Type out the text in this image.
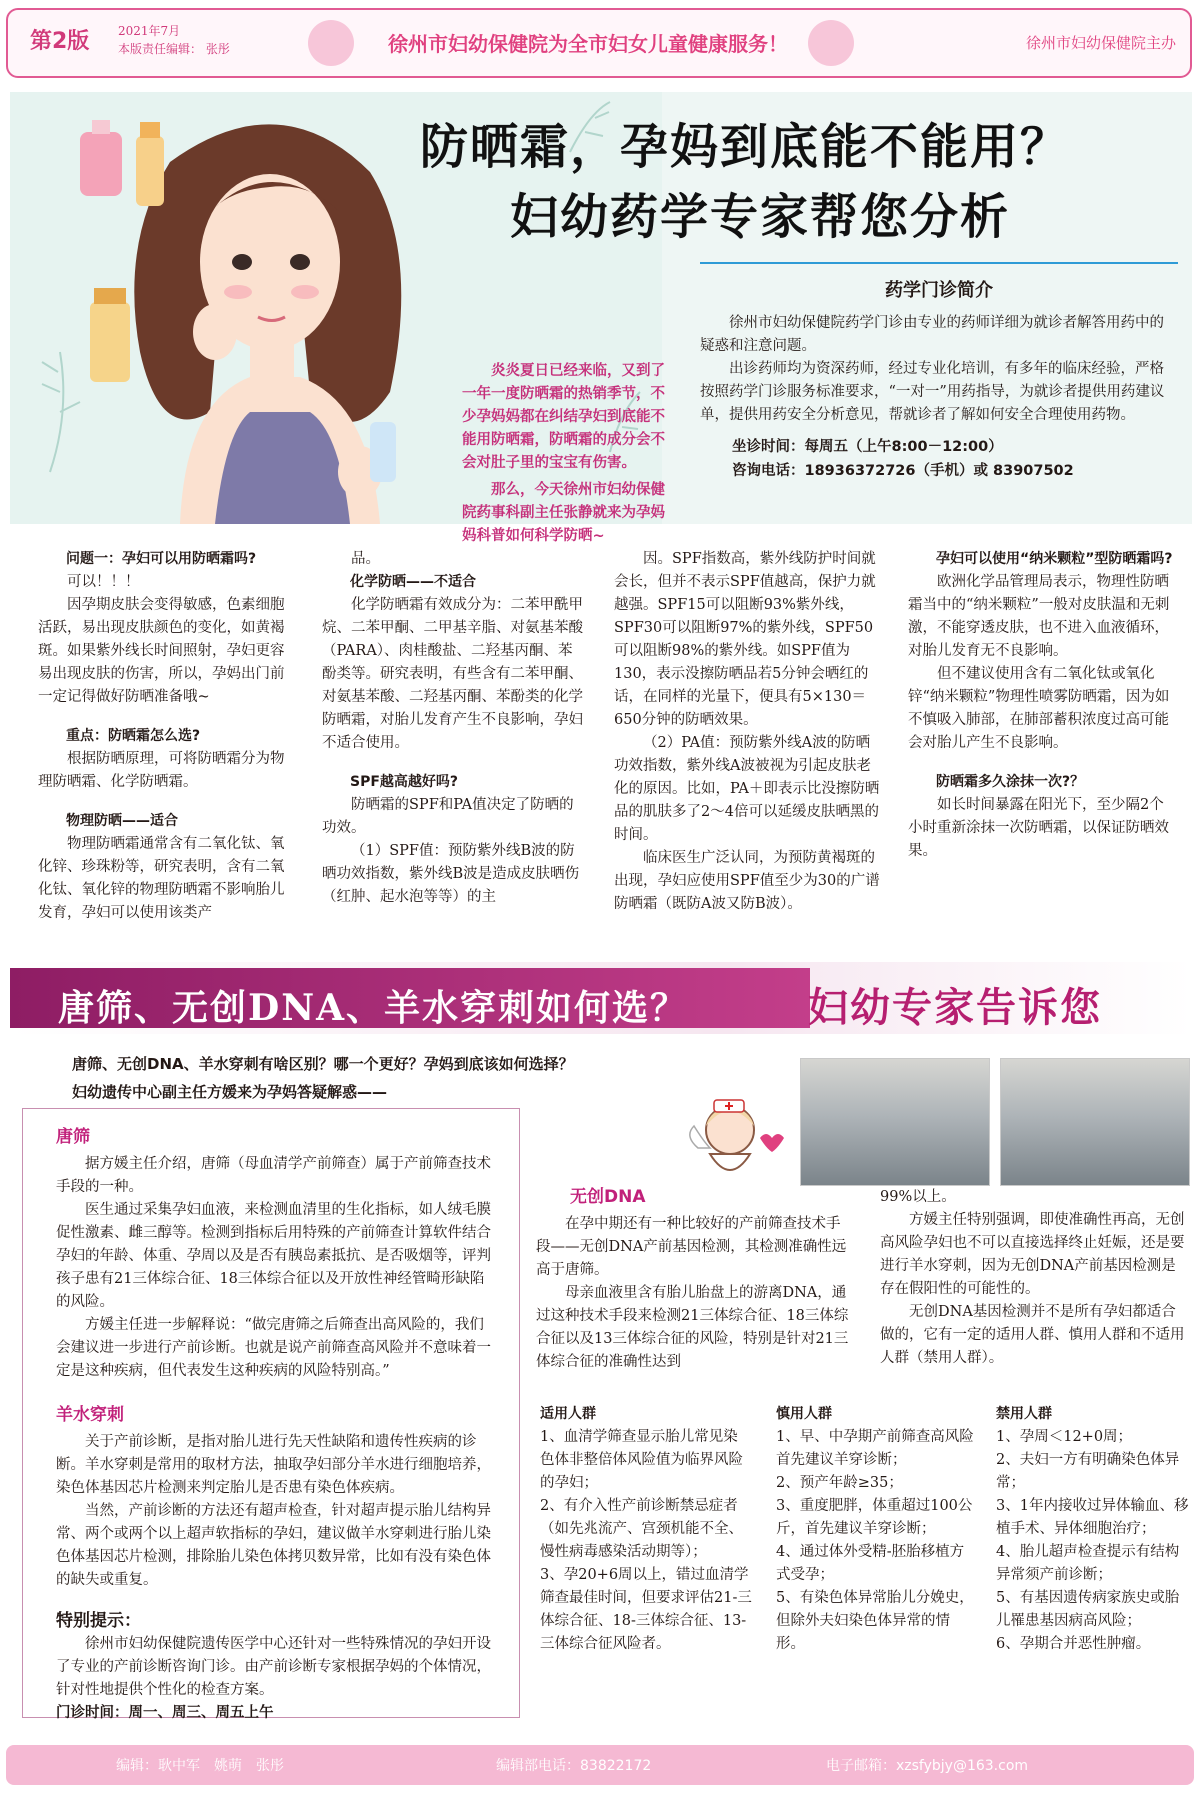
第2版 2021年7月
本版责任编辑： 张彤	徐州市妇幼保健院为全市妇女儿童健康服务！	徐州市妇幼保健院主办

炎炎夏日已经来临，又到了一年一度防晒霜的热销季节，不少孕妈妈都在纠结孕妇到底能不能用防晒霜，防晒霜的成分会不会对肚子里的宝宝有伤害。

那么，今天徐州市妇幼保健院药事科副主任张静就来为孕妈妈科普如何科学防晒~

防晒霜，孕妈到底能不能用？
妇幼药学专家帮您分析
药学门诊简介

徐州市妇幼保健院药学门诊由专业的药师详细为就诊者解答用药中的疑惑和注意问题。

出诊药师均为资深药师，经过专业化培训，有多年的临床经验，严格按照药学门诊服务标准要求，“一对一”用药指导，为就诊者提供用药建议单，提供用药安全分析意见，帮就诊者了解如何安全合理使用药物。

坐诊时间：每周五（上午8:00－12:00）
咨询电话：18936372726（手机）或 83907502
问题一：孕妇可以用防晒霜吗?

可以！！！

因孕期皮肤会变得敏感，色素细胞活跃，易出现皮肤颜色的变化，如黄褐斑。如果紫外线长时间照射，孕妇更容易出现皮肤的伤害，所以，孕妈出门前一定记得做好防晒准备哦~

重点：防晒霜怎么选?

根据防晒原理，可将防晒霜分为物理防晒霜、化学防晒霜。

物理防晒——适合

物理防晒霜通常含有二氧化钛、氧化锌、珍珠粉等，研究表明，含有二氧化钛、氧化锌的物理防晒霜不影响胎儿发育，孕妇可以使用该类产

品。

化学防晒——不适合

化学防晒霜有效成分为：二苯甲酰甲烷、二苯甲酮、二甲基辛脂、对氨基苯酸（PARA）、肉桂酸盐、二羟基丙酮、苯酚类等。研究表明，有些含有二苯甲酮、对氨基苯酸、二羟基丙酮、苯酚类的化学防晒霜，对胎儿发育产生不良影响，孕妇不适合使用。

SPF越高越好吗?

防晒霜的SPF和PA值决定了防晒的功效。

（1）SPF值：预防紫外线B波的防晒功效指数，紫外线B波是造成皮肤晒伤（红肿、起水泡等等）的主

因。SPF指数高，紫外线防护时间就会长，但并不表示SPF值越高，保护力就越强。SPF15可以阻断93%紫外线，SPF30可以阻断97%的紫外线，SPF50可以阻断98%的紫外线。如SPF值为130，表示没擦防晒品若5分钟会晒红的话，在同样的光量下，便具有5×130＝650分钟的防晒效果。

（2）PA值：预防紫外线A波的防晒功效指数，紫外线A波被视为引起皮肤老化的原因。比如，PA＋即表示比没擦防晒品的肌肤多了2～4倍可以延缓皮肤晒黑的时间。

临床医生广泛认同，为预防黄褐斑的出现，孕妇应使用SPF值至少为30的广谱防晒霜（既防A波又防B波）。

孕妇可以使用“纳米颗粒”型防晒霜吗?

欧洲化学品管理局表示，物理性防晒霜当中的“纳米颗粒”一般对皮肤温和无刺激，不能穿透皮肤，也不进入血液循环，对胎儿发育无不良影响。

但不建议使用含有二氧化钛或氧化锌“纳米颗粒”物理性喷雾防晒霜，因为如不慎吸入肺部，在肺部蓄积浓度过高可能会对胎儿产生不良影响。

防晒霜多久涂抹一次?？

如长时间暴露在阳光下，至少隔2个小时重新涂抹一次防晒霜，以保证防晒效果。

唐筛、无创DNA、羊水穿刺如何选？	妇幼专家告诉您
唐筛、无创DNA、羊水穿刺有啥区别？哪一个更好？孕妈到底该如何选择？
妇幼遗传中心副主任方媛来为孕妈答疑解惑——
唐筛

据方媛主任介绍，唐筛（母血清学产前筛查）属于产前筛查技术手段的一种。

医生通过采集孕妇血液，来检测血清里的生化指标，如人绒毛膜促性激素、雌三醇等。检测到指标后用特殊的产前筛查计算软件结合孕妇的年龄、体重、孕周以及是否有胰岛素抵抗、是否吸烟等，评判孩子患有21三体综合征、18三体综合征以及开放性神经管畸形缺陷的风险。

方媛主任进一步解释说：“做完唐筛之后筛查出高风险的，我们会建议进一步进行产前诊断。也就是说产前筛查高风险并不意味着一定是这种疾病，但代表发生这种疾病的风险特别高。”

羊水穿刺

关于产前诊断，是指对胎儿进行先天性缺陷和遗传性疾病的诊断。羊水穿刺是常用的取材方法，抽取孕妇部分羊水进行细胞培养，染色体基因芯片检测来判定胎儿是否患有染色体疾病。

当然，产前诊断的方法还有超声检查，针对超声提示胎儿结构异常、两个或两个以上超声软指标的孕妇，建议做羊水穿刺进行胎儿染色体基因芯片检测，排除胎儿染色体拷贝数异常，比如有没有染色体的缺失或重复。

特别提示：

徐州市妇幼保健院遗传医学中心还针对一些特殊情况的孕妇开设了专业的产前诊断咨询门诊。由产前诊断专家根据孕妈的个体情况，针对性地提供个性化的检查方案。

门诊时间：周一、周三、周五上午
无创DNA

在孕中期还有一种比较好的产前筛查技术手段——无创DNA产前基因检测，其检测准确性远高于唐筛。

母亲血液里含有胎儿胎盘上的游离DNA，通过这种技术手段来检测21三体综合征、18三体综合征以及13三体综合征的风险，特别是针对21三体综合征的准确性达到

99%以上。

方媛主任特别强调，即使准确性再高，无创高风险孕妇也不可以直接选择终止妊娠，还是要进行羊水穿刺，因为无创DNA产前基因检测是存在假阳性的可能性的。

无创DNA基因检测并不是所有孕妇都适合做的，它有一定的适用人群、慎用人群和不适用人群（禁用人群）。

适用人群
1、血清学筛查显示胎儿常见染色体非整倍体风险值为临界风险的孕妇；
2、有介入性产前诊断禁忌症者（如先兆流产、宫颈机能不全、慢性病毒感染活动期等）；
3、孕20+6周以上，错过血清学筛查最佳时间，但要求评估21-三体综合征、18-三体综合征、13-三体综合征风险者。
慎用人群
1、早、中孕期产前筛查高风险首先建议羊穿诊断；
2、预产年龄≥35；
3、重度肥胖，体重超过100公斤，首先建议羊穿诊断；
4、通过体外受精-胚胎移植方式受孕；
5、有染色体异常胎儿分娩史，但除外夫妇染色体异常的情形。
禁用人群
1、孕周＜12+0周；
2、夫妇一方有明确染色体异常；
3、1年内接收过异体输血、移植手术、异体细胞治疗；
4、胎儿超声检查提示有结构异常须产前诊断；
5、有基因遗传病家族史或胎儿罹患基因病高风险；
6、孕期合并恶性肿瘤。
编辑：耿中军　姚萌　张彤	编辑部电话：83822172	电子邮箱：xzsfybjy@163.com
